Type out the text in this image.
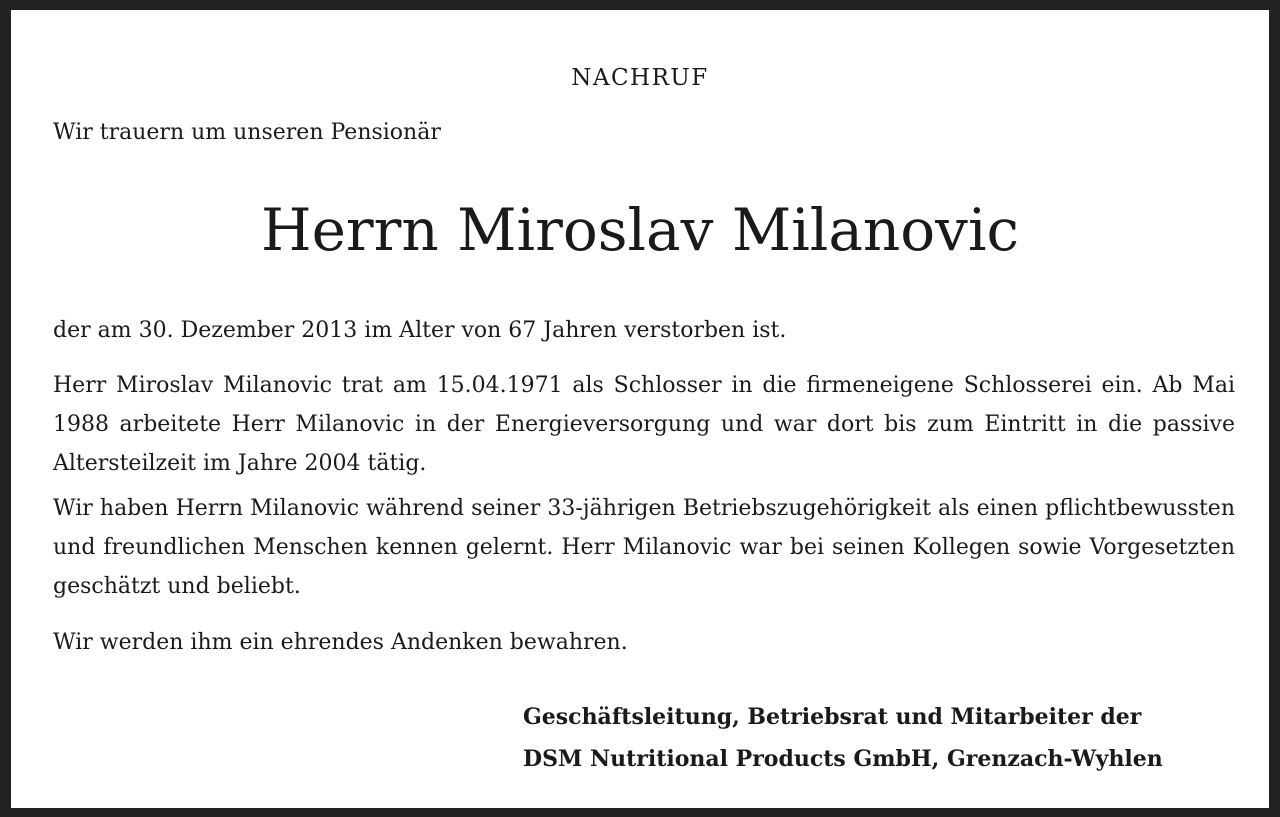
NACHRUF
Wir trauern um unseren Pensionär
Herrn Miroslav Milanovic
der am 30. Dezember 2013 im Alter von 67 Jahren verstorben ist.
Herr Miroslav Milanovic trat am 15.04.1971 als Schlosser in die firmeneigene Schlosserei ein. Ab Mai 1988 arbeitete Herr Milanovic in der Energieversorgung und war dort bis zum Eintritt in die passive Altersteilzeit im Jahre 2004 tätig.
Wir haben Herrn Milanovic während seiner 33-jährigen Betriebszugehörigkeit als einen pflichtbewussten und freundlichen Menschen kennen gelernt. Herr Milanovic war bei seinen Kollegen sowie Vorgesetzten geschätzt und beliebt.
Wir werden ihm ein ehrendes Andenken bewahren.
Geschäftsleitung, Betriebsrat und Mitarbeiter der
DSM Nutritional Products GmbH, Grenzach-Wyhlen
